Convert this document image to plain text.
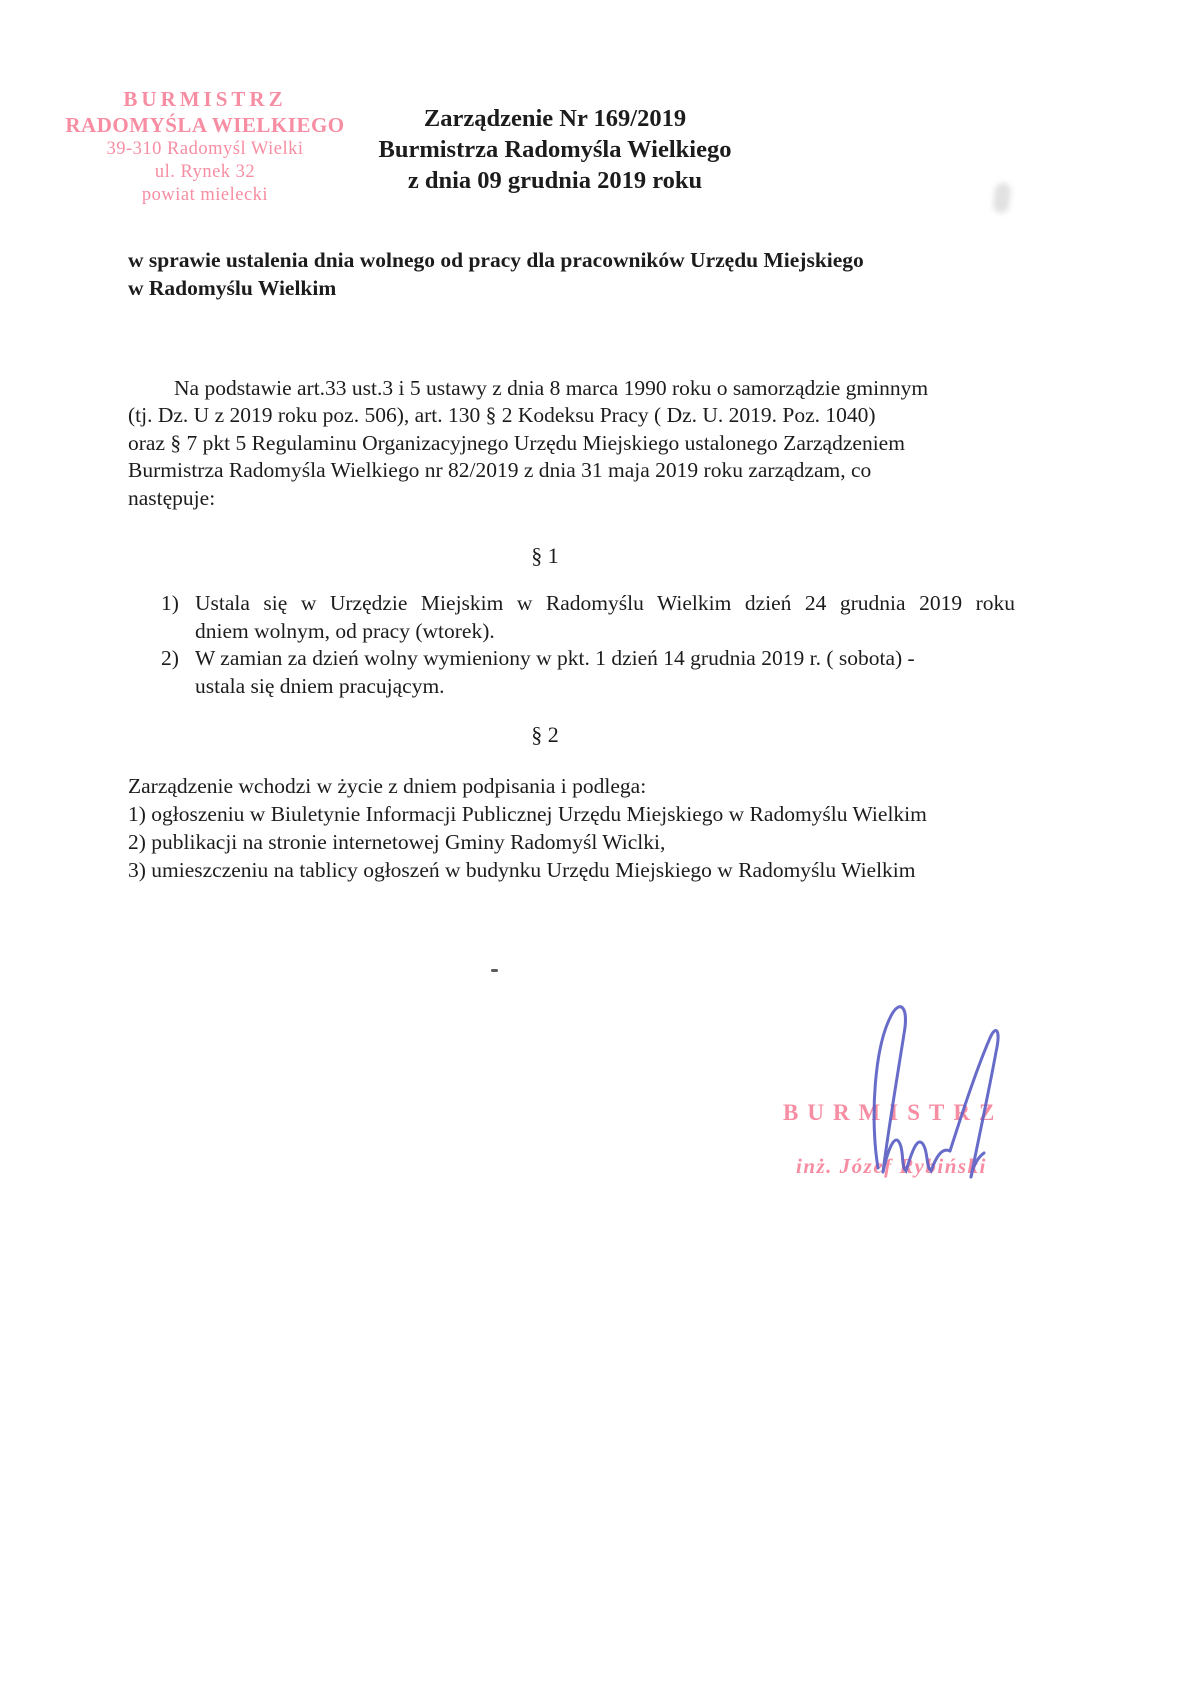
BURMISTRZ
RADOMYŚLA WIELKIEGO
39-310 Radomyśl Wielki
ul. Rynek 32
powiat mielecki
Zarządzenie Nr 169/2019
Burmistrza Radomyśla Wielkiego
z dnia 09 grudnia 2019 roku
w sprawie ustalenia dnia wolnego od pracy dla pracowników Urzędu Miejskiego
w Radomyślu Wielkim
Na podstawie art.33 ust.3 i 5 ustawy z dnia 8 marca 1990 roku o samorządzie gminnym
(tj. Dz. U z 2019 roku poz. 506), art. 130 § 2 Kodeksu Pracy ( Dz. U. 2019. Poz. 1040)
oraz § 7 pkt 5 Regulaminu Organizacyjnego Urzędu Miejskiego ustalonego Zarządzeniem
Burmistrza Radomyśla Wielkiego nr 82/2019 z dnia 31 maja 2019 roku zarządzam, co
następuje:
§ 1
1) Ustala się w Urzędzie Miejskim w Radomyślu Wielkim dzień 24 grudnia 2019 roku
dniem wolnym, od pracy (wtorek).
2) W zamian za dzień wolny wymieniony w pkt. 1 dzień 14 grudnia 2019 r. ( sobota) -
ustala się dniem pracującym.
§ 2
Zarządzenie wchodzi w życie z dniem podpisania i podlega:
1) ogłoszeniu w Biuletynie Informacji Publicznej Urzędu Miejskiego w Radomyślu Wielkim
2) publikacji na stronie internetowej Gminy Radomyśl Wiclki,
3) umieszczeniu na tablicy ogłoszeń w budynku Urzędu Miejskiego w Radomyślu Wielkim
BURMISTRZ
inż. Józef Rybiński
